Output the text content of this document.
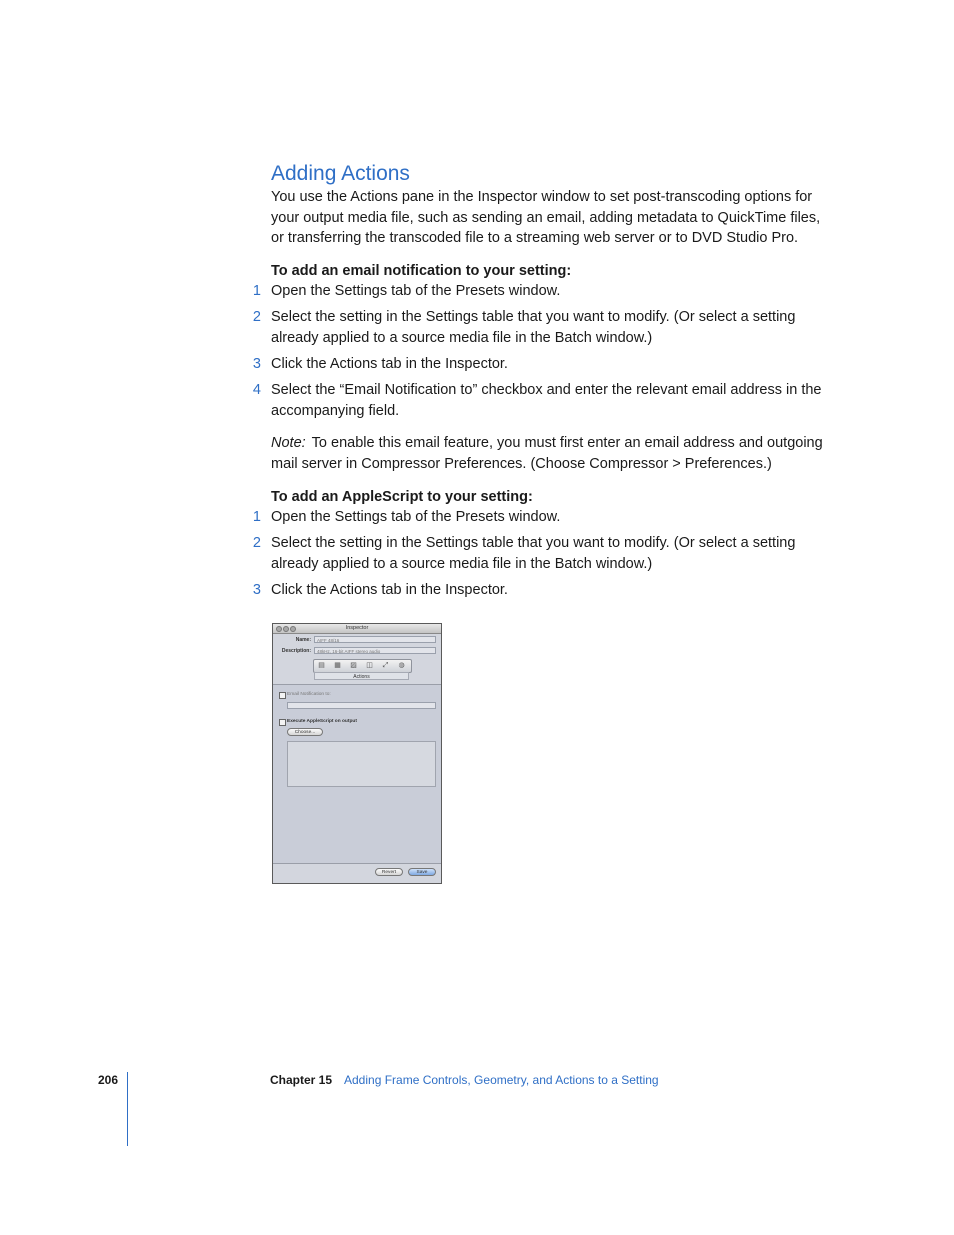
Adding Actions

You use the Actions pane in the Inspector window to set post-transcoding options for your output media file, such as sending an email, adding metadata to QuickTime files, or transferring the transcoded file to a streaming web server or to DVD Studio Pro.

To add an email notification to your setting:

1 Open the Settings tab of the Presets window.
2 Select the setting in the Settings table that you want to modify. (Or select a setting already applied to a source media file in the Batch window.)
3 Click the Actions tab in the Inspector.
4 Select the “Email Notification to” checkbox and enter the relevant email address in the accompanying field.

Note: To enable this email feature, you must first enter an email address and outgoing mail server in Compressor Preferences. (Choose Compressor > Preferences.)

To add an AppleScript to your setting:

1 Open the Settings tab of the Presets window.
2 Select the setting in the Settings table that you want to modify. (Or select a setting already applied to a source media file in the Batch window.)
3 Click the Actions tab in the Inspector.
Inspector
Name:	AIFF 48/16
Description:	48kHz, 16-bit AIFF stereo audio
▤ ▦ ▨ ◫ ⤢ ◍
Actions
Email Notification to:
Execute AppleScript on output
Choose...
Revert	Save
206	Chapter 15 Adding Frame Controls, Geometry, and Actions to a Setting
